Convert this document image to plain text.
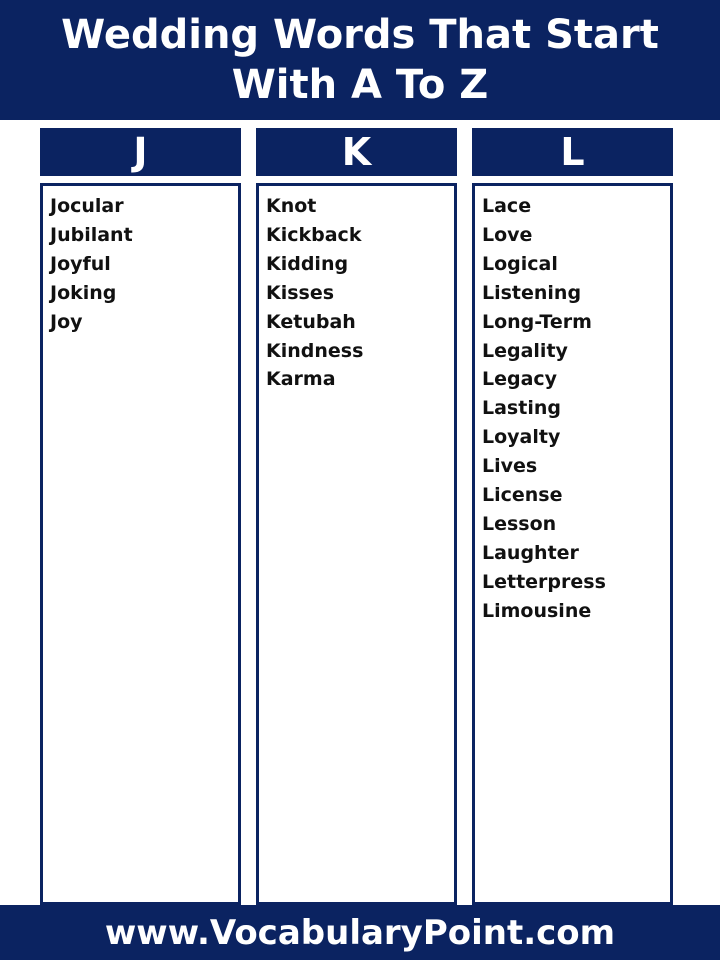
Wedding Words That Start
With A To Z
J	K	L
Jocular
Jubilant
Joyful
Joking
Joy
Knot
Kickback
Kidding
Kisses
Ketubah
Kindness
Karma
Lace
Love
Logical
Listening
Long-Term
Legality
Legacy
Lasting
Loyalty
Lives
License
Lesson
Laughter
Letterpress
Limousine
www.VocabularyPoint.com
